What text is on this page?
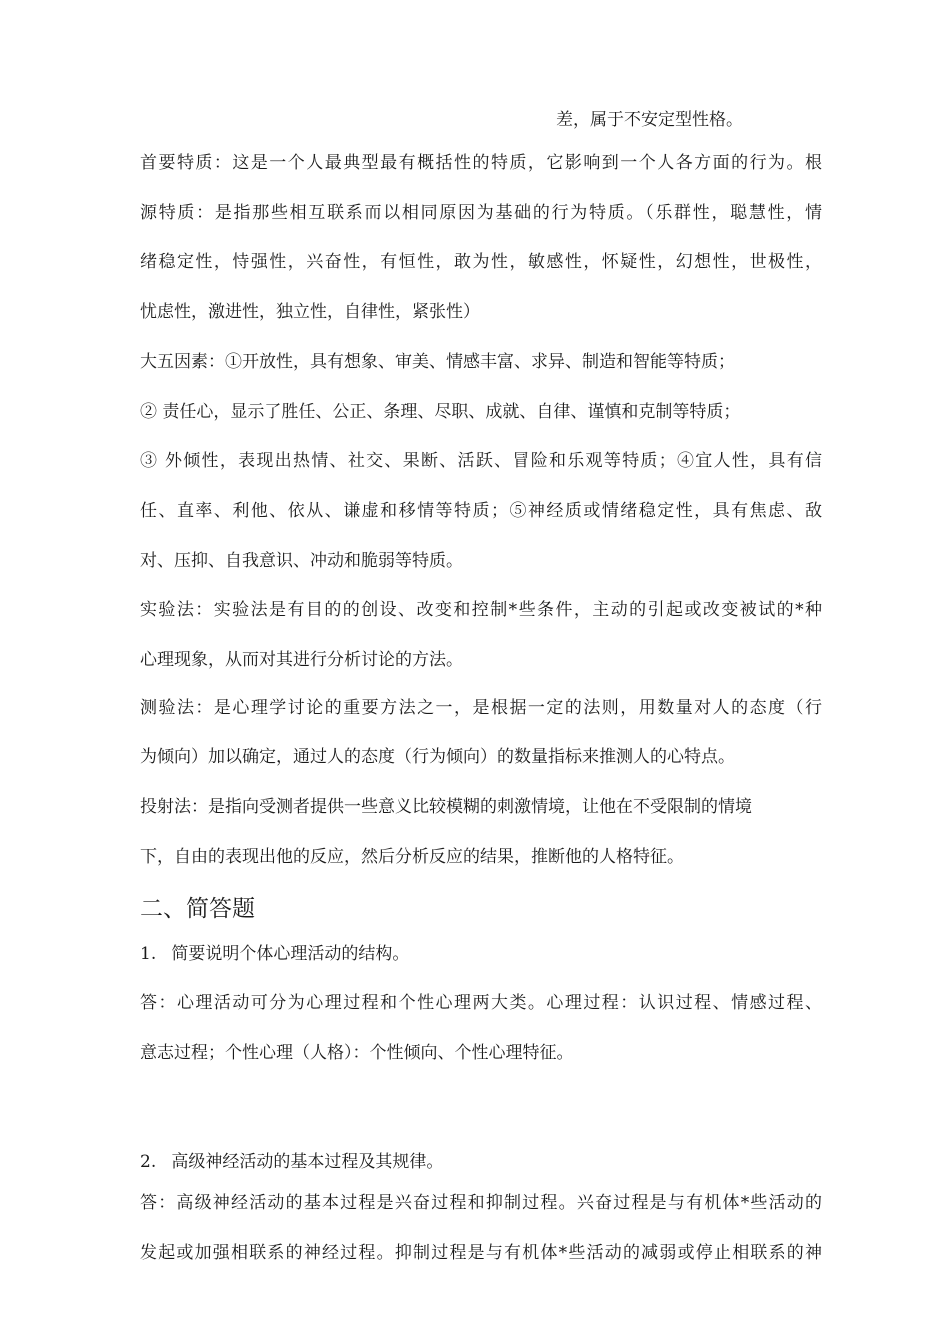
差，属于不安定型性格。
首要特质：这是一个人最典型最有概括性的特质，它影响到一个人各方面的行为。根
源特质：是指那些相互联系而以相同原因为基础的行为特质。（乐群性，聪慧性，情
绪稳定性，恃强性，兴奋性，有恒性，敢为性，敏感性，怀疑性，幻想性，世极性，
忧虑性，激进性，独立性，自律性，紧张性）
大五因素：①开放性，具有想象、审美、情感丰富、求异、制造和智能等特质；
② 责任心，显示了胜任、公正、条理、尽职、成就、自律、谨慎和克制等特质；
③ 外倾性，表现出热情、社交、果断、活跃、冒险和乐观等特质；④宜人性，具有信
任、直率、利他、依从、谦虚和移情等特质；⑤神经质或情绪稳定性，具有焦虑、敌
对、压抑、自我意识、冲动和脆弱等特质。
实验法：实验法是有目的的创设、改变和控制*些条件，主动的引起或改变被试的*种
心理现象，从而对其进行分析讨论的方法。
测验法：是心理学讨论的重要方法之一，是根据一定的法则，用数量对人的态度（行
为倾向）加以确定，通过人的态度（行为倾向）的数量指标来推测人的心特点。
投射法：是指向受测者提供一些意义比较模糊的刺激情境，让他在不受限制的情境
下，自由的表现出他的反应，然后分析反应的结果，推断他的人格特征。
二、简答题
1. 简要说明个体心理活动的结构。
答：心理活动可分为心理过程和个性心理两大类。心理过程：认识过程、情感过程、
意志过程；个性心理（人格）：个性倾向、个性心理特征。
2. 高级神经活动的基本过程及其规律。
答：高级神经活动的基本过程是兴奋过程和抑制过程。兴奋过程是与有机体*些活动的
发起或加强相联系的神经过程。抑制过程是与有机体*些活动的减弱或停止相联系的神
